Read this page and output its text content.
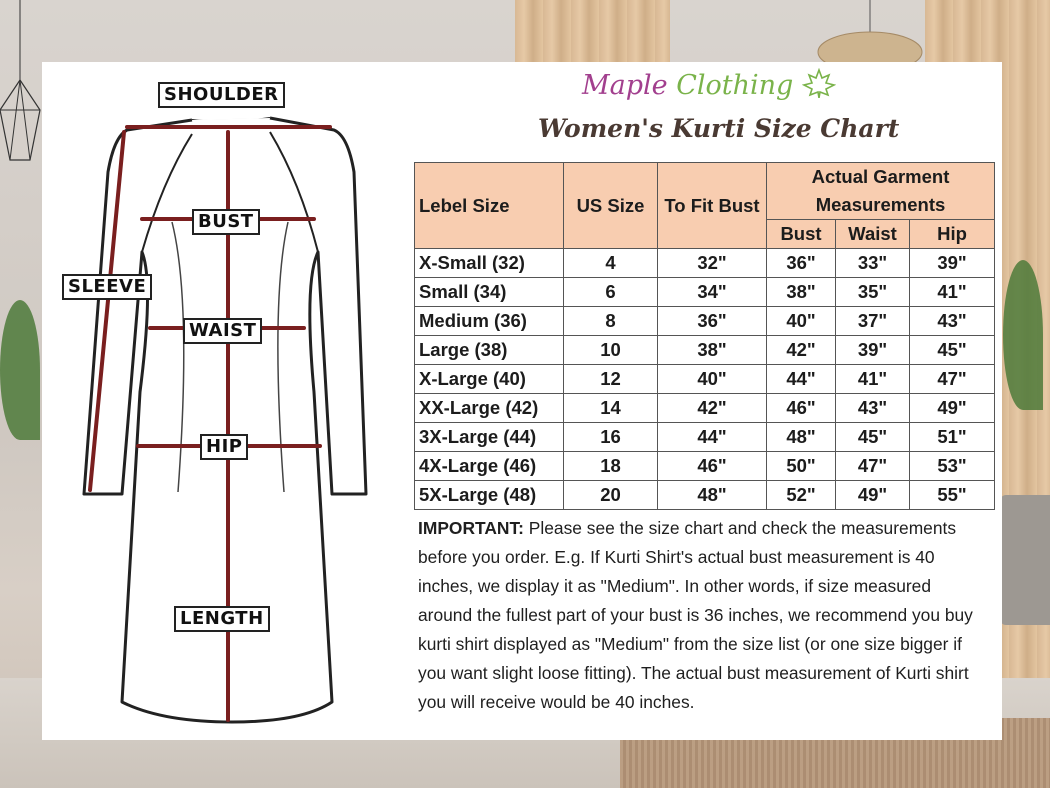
SHOULDER
BUST
SLEEVE
WAIST
HIP
LENGTH
Maple Clothing
Women's Kurti Size Chart
Lebel Size	US Size	To Fit Bust	Actual Garment Measurements		
			Bust	Waist	Hip
X-Small (32)	4	32"	36"	33"	39"
Small (34)	6	34"	38"	35"	41"
Medium (36)	8	36"	40"	37"	43"
Large (38)	10	38"	42"	39"	45"
X-Large (40)	12	40"	44"	41"	47"
XX-Large (42)	14	42"	46"	43"	49"
3X-Large (44)	16	44"	48"	45"	51"
4X-Large (46)	18	46"	50"	47"	53"
5X-Large (48)	20	48"	52"	49"	55"
IMPORTANT: Please see the size chart and check the measurements before you order. E.g. If Kurti Shirt's actual bust measurement is 40 inches, we display it as "Medium". In other words, if size measured around the fullest part of your bust is 36 inches, we recommend you buy kurti shirt displayed as "Medium" from the size list (or one size bigger if you want slight loose fitting). The actual bust measurement of Kurti shirt you will receive would be 40 inches.
